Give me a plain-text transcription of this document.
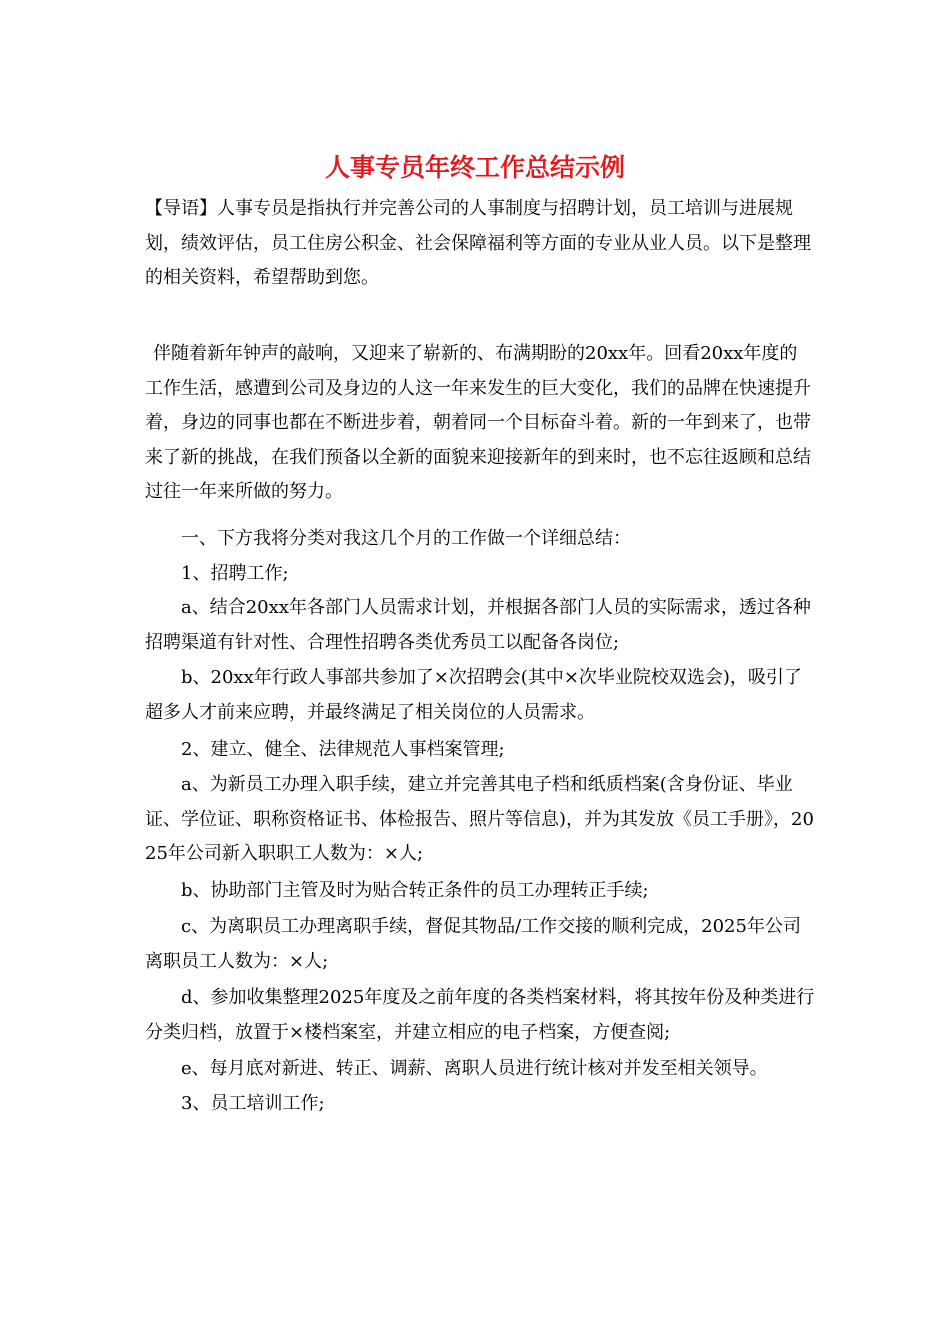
人事专员年终工作总结示例

【导语】人事专员是指执行并完善公司的人事制度与招聘计划，员工培训与进展规划，绩效评估，员工住房公积金、社会保障福利等方面的专业从业人员。以下是整理的相关资料，希望帮助到您。

伴随着新年钟声的敲响，又迎来了崭新的、布满期盼的20xx年。回看20xx年度的工作生活，感遭到公司及身边的人这一年来发生的巨大变化，我们的品牌在快速提升着，身边的同事也都在不断进步着，朝着同一个目标奋斗着。新的一年到来了，也带来了新的挑战，在我们预备以全新的面貌来迎接新年的到来时，也不忘往返顾和总结过往一年来所做的努力。

一、下方我将分类对我这几个月的工作做一个详细总结：

1、招聘工作;

a、结合20xx年各部门人员需求计划，并根据各部门人员的实际需求，透过各种招聘渠道有针对性、合理性招聘各类优秀员工以配备各岗位;

b、20xx年行政人事部共参加了×次招聘会(其中×次毕业院校双选会)，吸引了超多人才前来应聘，并最终满足了相关岗位的人员需求。

2、建立、健全、法律规范人事档案管理;

a、为新员工办理入职手续，建立并完善其电子档和纸质档案(含身份证、毕业证、学位证、职称资格证书、体检报告、照片等信息)，并为其发放《员工手册》，2025年公司新入职职工人数为：×人;

b、协助部门主管及时为贴合转正条件的员工办理转正手续;

c、为离职员工办理离职手续，督促其物品/工作交接的顺利完成，2025年公司离职员工人数为：×人;

d、参加收集整理2025年度及之前年度的各类档案材料，将其按年份及种类进行分类归档，放置于×楼档案室，并建立相应的电子档案，方便查阅;

e、每月底对新进、转正、调薪、离职人员进行统计核对并发至相关领导。

3、员工培训工作;
